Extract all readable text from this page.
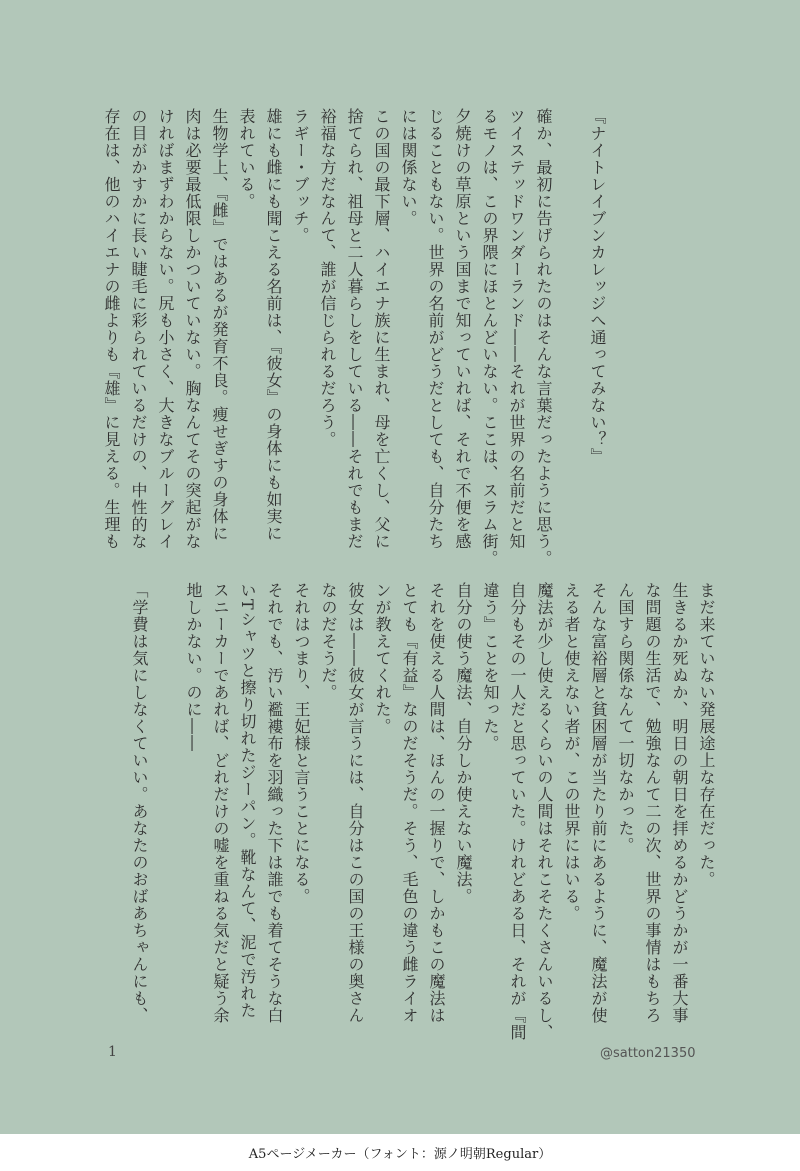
『ナイトレイブンカレッジへ通ってみない？』
確か、最初に告げられたのはそんな言葉だったように思う。
ツイステッドワンダーランド――それが世界の名前だと知
るモノは、この界隈にほとんどいない。ここは、スラム街。
夕焼けの草原という国まで知っていれば、それで不便を感
じることもない。世界の名前がどうだとしても、自分たち
には関係ない。
この国の最下層、ハイエナ族に生まれ、母を亡くし、父に
捨てられ、祖母と二人暮らしをしている――それでもまだ
裕福な方だなんて、誰が信じられるだろう。
ラギー・ブッチ。
雄にも雌にも聞こえる名前は、『彼女』の身体にも如実に
表れている。
生物学上、『雌』ではあるが発育不良。痩せぎすの身体に
肉は必要最低限しかついていない。胸なんてその突起がな
ければまずわからない。尻も小さく、大きなブルーグレイ
の目がかすかに長い睫毛に彩られているだけの、中性的な
存在は、他のハイエナの雌よりも『雄』に見える。生理も
まだ来ていない発展途上な存在だった。
生きるか死ぬか、明日の朝日を拝めるかどうかが一番大事
な問題の生活で、勉強なんて二の次、世界の事情はもちろ
ん国すら関係なんて一切なかった。
そんな富裕層と貧困層が当たり前にあるように、魔法が使
える者と使えない者が、この世界にはいる。
魔法が少し使えるくらいの人間はそれこそたくさんいるし、
自分もその一人だと思っていた。けれどある日、それが『間
違う』ことを知った。
自分の使う魔法、自分しか使えない魔法。
それを使える人間は、ほんの一握りで、しかもこの魔法は
とても『有益』なのだそうだ。そう、毛色の違う雌ライオ
ンが教えてくれた。
彼女は――彼女が言うには、自分はこの国の王様の奥さん
なのだそうだ。
それはつまり、王妃様と言うことになる。
それでも、汚い襤褸布を羽織った下は誰でも着てそうな白
いTシャツと擦り切れたジーパン。靴なんて、泥で汚れた
スニーカーであれば、どれだけの嘘を重ねる気だと疑う余
地しかない。のに――
「学費は気にしなくていい。あなたのおばあちゃんにも、
1	@satton21350
A5ページメーカー（フォント：源ノ明朝Regular）
